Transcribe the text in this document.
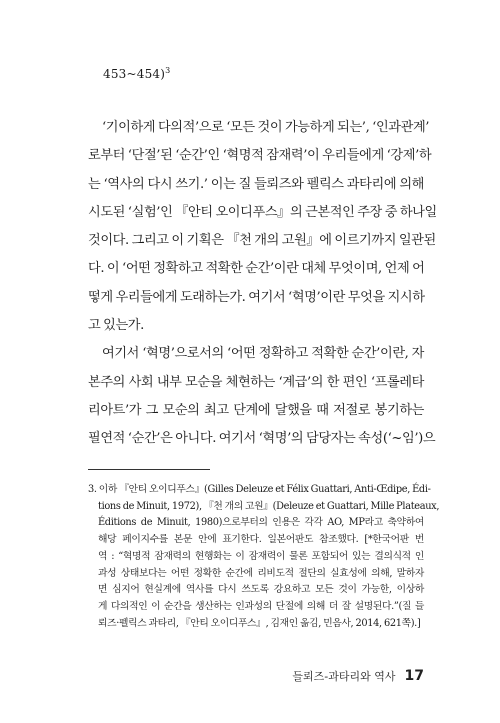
453~454)$^3$
‘기이하게 다의적’으로 ‘모든 것이 가능하게 되는’, ‘인과관계’
로부터 ‘단절’된 ‘순간’인 ‘혁명적 잠재력’이 우리들에게 ‘강제’하
는 ‘역사의 다시 쓰기.’ 이는 질 들뢰즈와 펠릭스 과타리에 의해
시도된 ‘실험’인 『안티 오이디푸스』의 근본적인 주장 중 하나일
것이다. 그리고 이 기획은 『천 개의 고원』에 이르기까지 일관된
다. 이 ‘어떤 정확하고 적확한 순간’이란 대체 무엇이며, 언제 어
떻게 우리들에게 도래하는가. 여기서 ‘혁명’이란 무엇을 지시하
고 있는가.
여기서 ‘혁명’으로서의 ‘어떤 정확하고 적확한 순간’이란, 자
본주의 사회 내부 모순을 체현하는 ‘계급’의 한 편인 ‘프롤레타
리아트’가 그 모순의 최고 단계에 달했을 때 저절로 봉기하는
필연적 ‘순간’은 아니다. 여기서 ‘혁명’의 담당자는 속성(‘~임’)으
3. 이하 『안티 오이디푸스』(Gilles Deleuze et Félix Guattari, Anti-Œdipe, Édi-
tions de Minuit, 1972), 『천 개의 고원』(Deleuze et Guattari, Mille Plateaux,
Éditions de Minuit, 1980)으로부터의 인용은 각각 AO, MP라고 축약하여
해당 페이지수를 본문 안에 표기한다. 일본어판도 참조했다. [*한국어판 번
역 : “혁명적 잠재력의 현행화는 이 잠재력이 물론 포함되어 있는 결의식적 인
과성 상태보다는 어떤 정확한 순간에 리비도적 절단의 실효성에 의해, 말하자
면 심지어 현실계에 역사를 다시 쓰도록 강요하고 모든 것이 가능한, 이상하
게 다의적인 이 순간을 생산하는 인과성의 단절에 의해 더 잘 설명된다.”(질 들
뢰즈·펠릭스 과타리, 『안티 오이디푸스』, 김재인 옮김, 민음사, 2014, 621쪽).]
들뢰즈-과타리와 역사 17
